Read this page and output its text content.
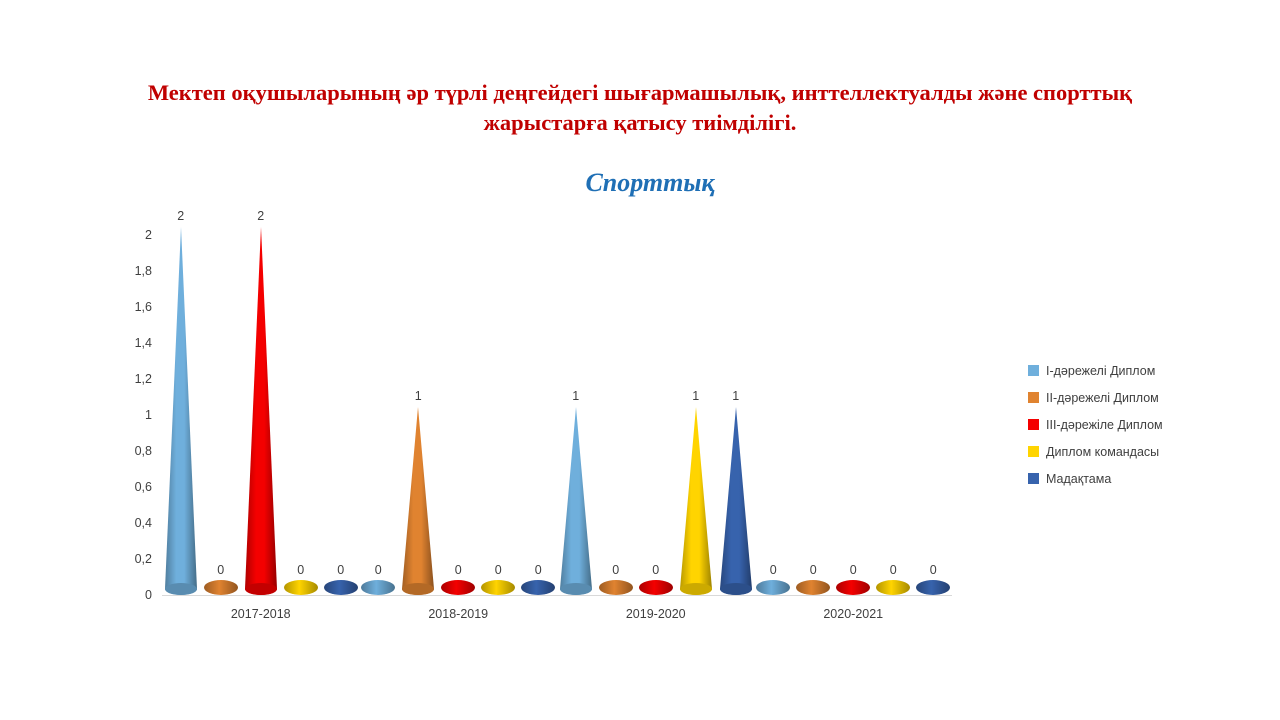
Мектеп оқушыларының әр түрлі деңгейдегі шығармашылық, инттеллектуалды және спорттық жарыстарға қатысу тиімділігі.
Спорттық
0
0,2
0,4
0,6
0,8
1
1,2
1,4
1,6
1,8
2
2
0
2
0	0 0
1
0	0	0
1
0	0
1	1
0	0	0	0	0
2017-2018	2018-2019	2019-2020	2020-2021
I-дәрежелі Диплом
II-дәрежелі Диплом
III-дәрежіле Диплом
Диплом командасы
Мадақтама
